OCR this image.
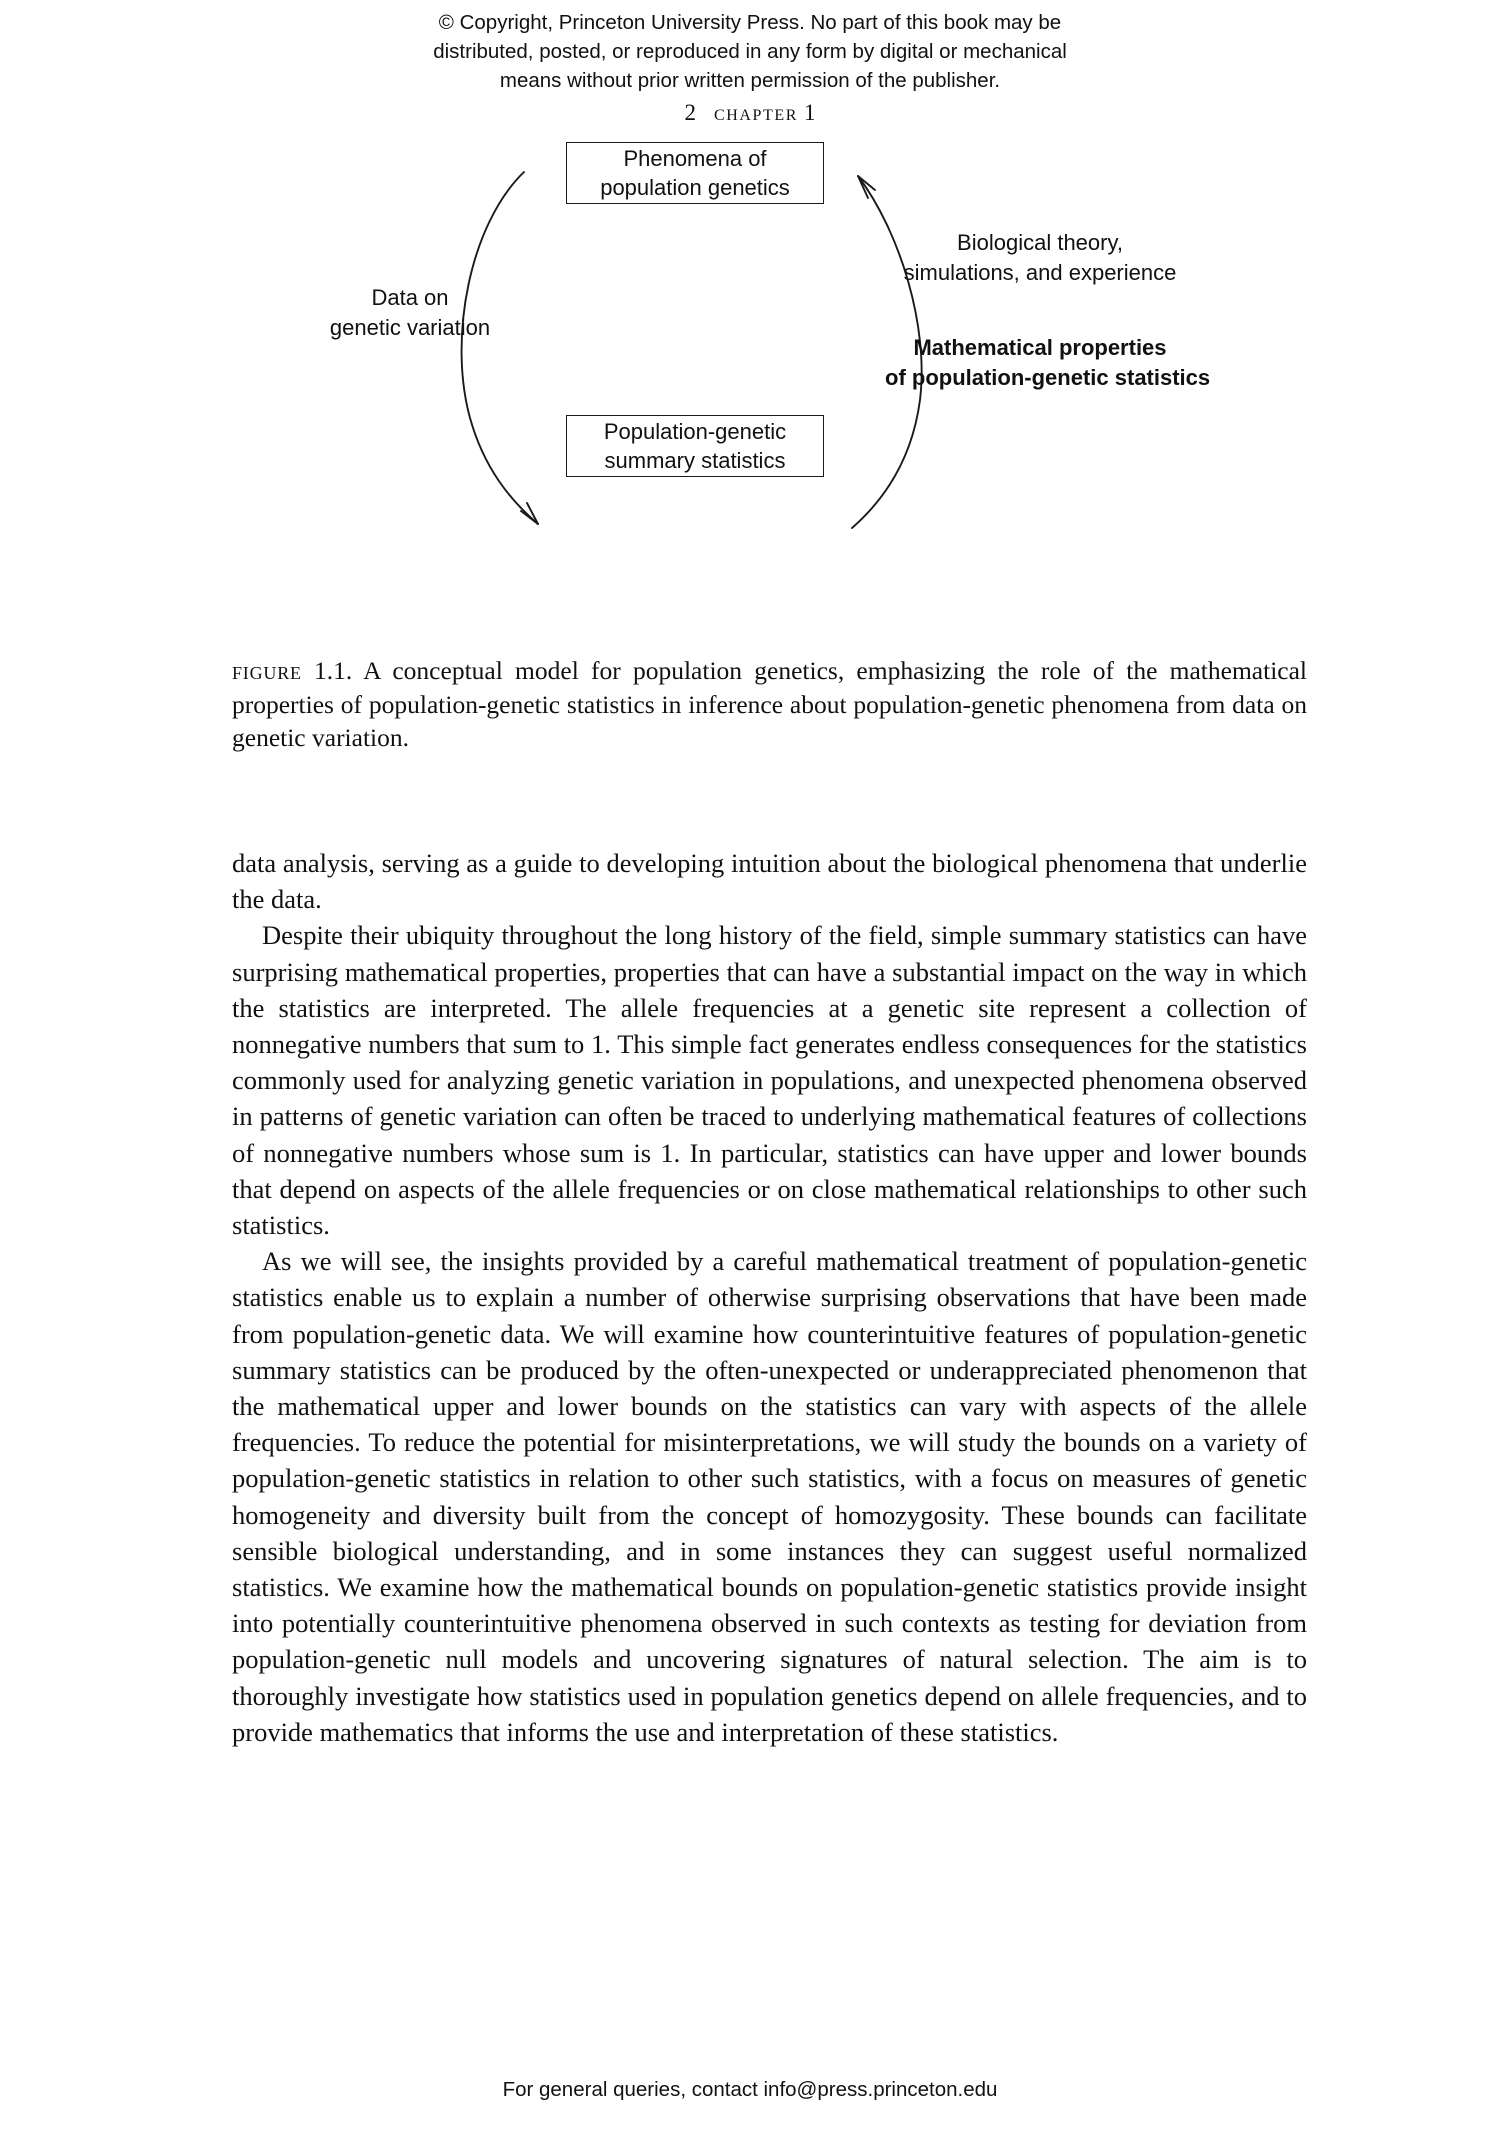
© Copyright, Princeton University Press. No part of this book may be
distributed, posted, or reproduced in any form by digital or mechanical
means without prior written permission of the publisher.
2 chapter 1
Phenomena of
population genetics
Population-genetic
summary statistics
Data on
genetic variation
Biological theory,
simulations, and experience
Mathematical properties
of population-genetic statistics
figure 1.1. A conceptual model for population genetics, emphasizing the role of the mathematical properties of population-genetic statistics in inference about population-genetic phenomena from data on genetic variation.

data analysis, serving as a guide to developing intuition about the biological phenomena that underlie the data.

Despite their ubiquity throughout the long history of the field, simple summary statistics can have surprising mathematical properties, properties that can have a substantial impact on the way in which the statistics are interpreted. The allele frequencies at a genetic site represent a collection of nonnegative numbers that sum to 1. This simple fact generates endless consequences for the statistics commonly used for analyzing genetic variation in populations, and unexpected phenomena observed in patterns of genetic variation can often be traced to underlying mathematical features of collections of nonnegative numbers whose sum is 1. In particular, statistics can have upper and lower bounds that depend on aspects of the allele frequencies or on close mathematical relationships to other such statistics.

As we will see, the insights provided by a careful mathematical treatment of population-genetic statistics enable us to explain a number of otherwise surprising observations that have been made from population-genetic data. We will examine how counterintuitive features of population-genetic summary statistics can be produced by the often-unexpected or underappreciated phenomenon that the mathematical upper and lower bounds on the statistics can vary with aspects of the allele frequencies. To reduce the potential for misinterpretations, we will study the bounds on a variety of population-genetic statistics in relation to other such statistics, with a focus on measures of genetic homogeneity and diversity built from the concept of homozygosity. These bounds can facilitate sensible biological understanding, and in some instances they can suggest useful normalized statistics. We examine how the mathematical bounds on population-genetic statistics provide insight into potentially counterintuitive phenomena observed in such contexts as testing for deviation from population-genetic null models and uncovering signatures of natural selection. The aim is to thoroughly investigate how statistics used in population genetics depend on allele frequencies, and to provide mathematics that informs the use and interpretation of these statistics.

For general queries, contact info@press.princeton.edu
